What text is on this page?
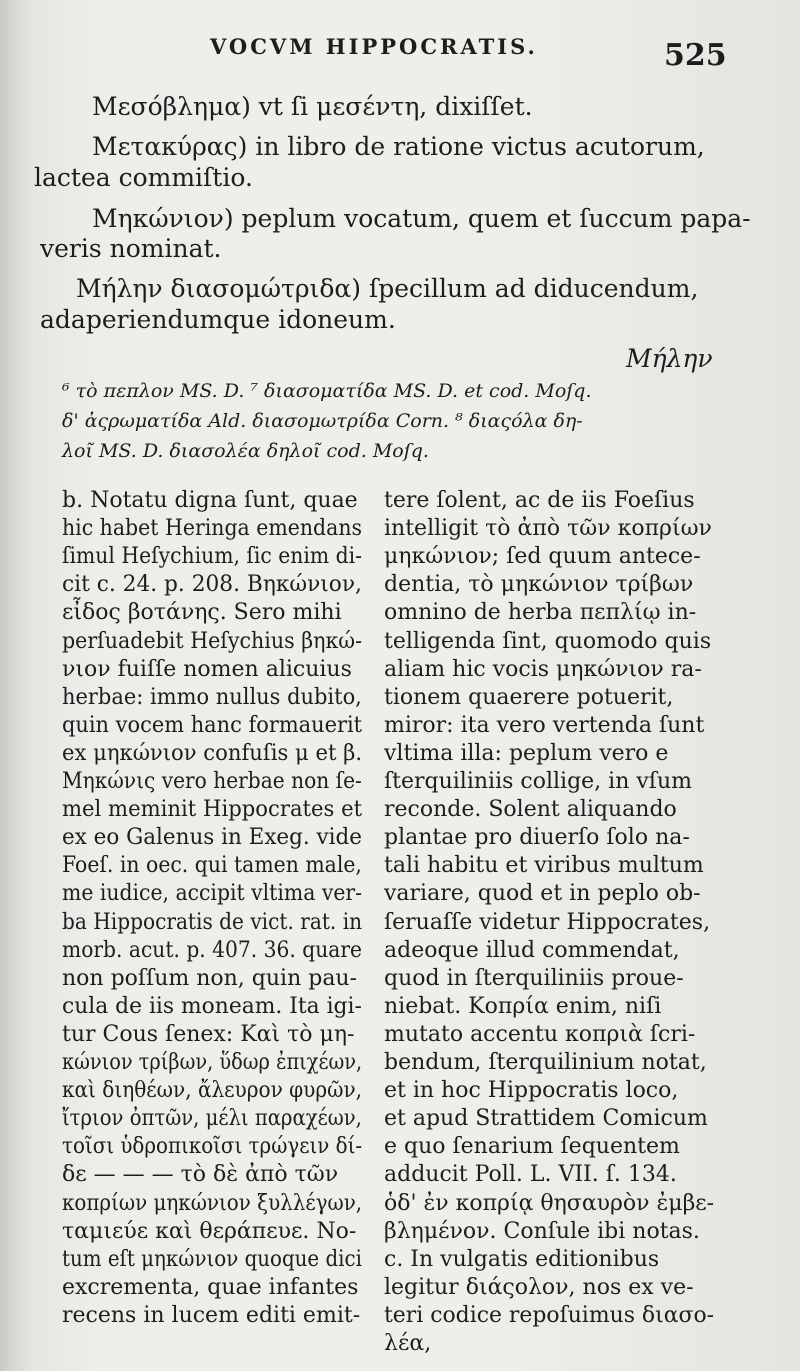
VOCVM HIPPOCRATIS.	525
Μεσόβλημα) vt ſi μεσέντη, dixiſſet.
Μετακύρας) in libro de ratione victus acutorum,
lactea commiſtio.
Μηκώνιον) peplum vocatum, quem et ſuccum papa-
veris nominat.
Μήλην διασομώτριδα) ſpecillum ad diducendum,
adaperiendumque idoneum.
Μήλην
⁶ τὸ πεπλον MS. D. ⁷ διασοματίδα MS. D. et cod. Moſq.
δ' ἀςρωματίδα Ald. διασομωτρίδα Corn. ⁸ διαςόλα δη-
λοῖ MS. D. διασολέα δηλοῖ cod. Moſq.
b. Notatu digna ſunt, quae
hic habet Heringa emendans
ſimul Heſychium, ſic enim di-
cit c. 24. p. 208. Βηκώνιον,
εἶδος βοτάνης. Sero mihi
perſuadebit Heſychius βηκώ-
νιον fuiſſe nomen alicuius
herbae: immo nullus dubito,
quin vocem hanc formauerit
ex μηκώνιον confuſis μ et β.
Μηκώνις vero herbae non ſe-
mel meminit Hippocrates et
ex eo Galenus in Exeg. vide
Foeſ. in oec. qui tamen male,
me iudice, accipit vltima ver-
ba Hippocratis de vict. rat. in
morb. acut. p. 407. 36. quare
non poſſum non, quin pau-
cula de iis moneam. Ita igi-
tur Cous ſenex: Καὶ τὸ μη-
κώνιον τρίβων, ὕδωρ ἐπιχέων,
καὶ διηθέων, ἄλευρον φυρῶν,
ἴτριον ὀπτῶν, μέλι παραχέων,
τοῖσι ὑδροπικοῖσι τρώγειν δί-
δε — — — τὸ δὲ ἀπὸ τῶν
κοπρίων μηκώνιον ξυλλέγων,
ταμιεύε καὶ θεράπευε. No-
tum eſt μηκώνιον quoque dici
excrementa, quae infantes
recens in lucem editi emit-
tere ſolent, ac de iis Foeſius
intelligit τὸ ἀπὸ τῶν κοπρίων
μηκώνιον; ſed quum antece-
dentia, τὸ μηκώνιον τρίβων
omnino de herba πεπλίῳ in-
telligenda ſint, quomodo quis
aliam hic vocis μηκώνιον ra-
tionem quaerere potuerit,
miror: ita vero vertenda ſunt
vltima illa: peplum vero e
ſterquiliniis collige, in vſum
reconde. Solent aliquando
plantae pro diuerſo ſolo na-
tali habitu et viribus multum
variare, quod et in peplo ob-
ſeruaſſe videtur Hippocrates,
adeoque illud commendat,
quod in ſterquiliniis proue-
niebat. Κοπρία enim, niſi
mutato accentu κοπριὰ ſcri-
bendum, ſterquilinium notat,
et in hoc Hippocratis loco,
et apud Strattidem Comicum
e quo ſenarium ſequentem
adducit Poll. L. VII. ſ. 134.
ὁδ' ἐν κοπρίᾳ θησαυρὸν ἐμβε-
βλημένον. Conſule ibi notas.
c. In vulgatis editionibus
legitur διάςολον, nos ex ve-
teri codice repoſuimus διασο-
λέα,
